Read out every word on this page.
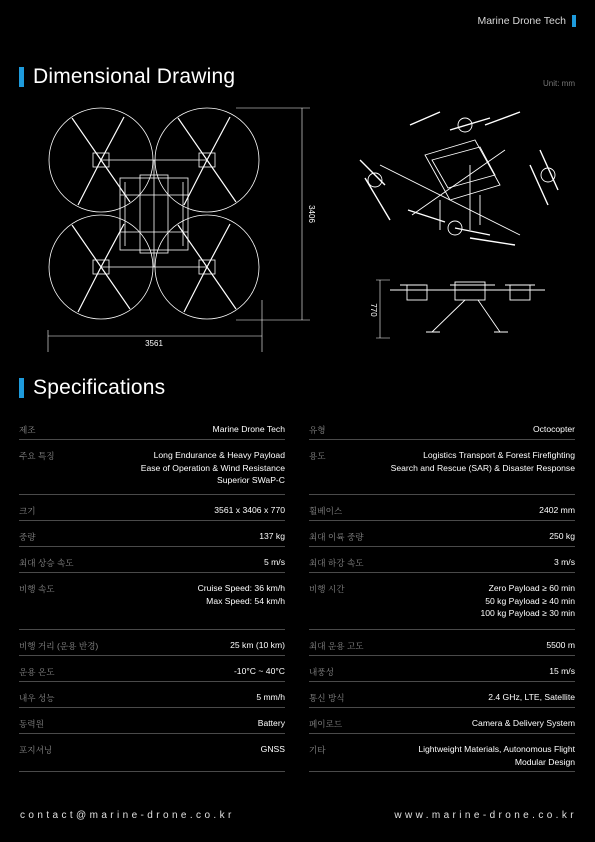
Marine Drone Tech
Dimensional Drawing	Unit: mm
3561
3406
770
Specifications
제조	Marine Drone Tech
주요 특징	Long Endurance & Heavy Payload
Ease of Operation & Wind Resistance
Superior SWaP-C
크기	3561 x 3406 x 770
중량	137 kg
최대 상승 속도	5 m/s
비행 속도	Cruise Speed: 36 km/h
Max Speed: 54 km/h
비행 거리 (운용 반경)	25 km (10 km)
운용 온도	-10°C ~ 40°C
내우 성능	5 mm/h
동력원	Battery
포지셔닝	GNSS
유형	Octocopter
용도	Logistics Transport & Forest Firefighting
Search and Rescue (SAR) & Disaster Response
휠베이스	2402 mm
최대 이륙 중량	250 kg
최대 하강 속도	3 m/s
비행 시간	Zero Payload ≥ 60 min
50 kg Payload ≥ 40 min
100 kg Payload ≥ 30 min
최대 운용 고도	5500 m
내풍성	15 m/s
통신 방식	2.4 GHz, LTE, Satellite
페이로드	Camera & Delivery System
기타	Lightweight Materials, Autonomous Flight
Modular Design
contact@marine-drone.co.kr	www.marine-drone.co.kr
